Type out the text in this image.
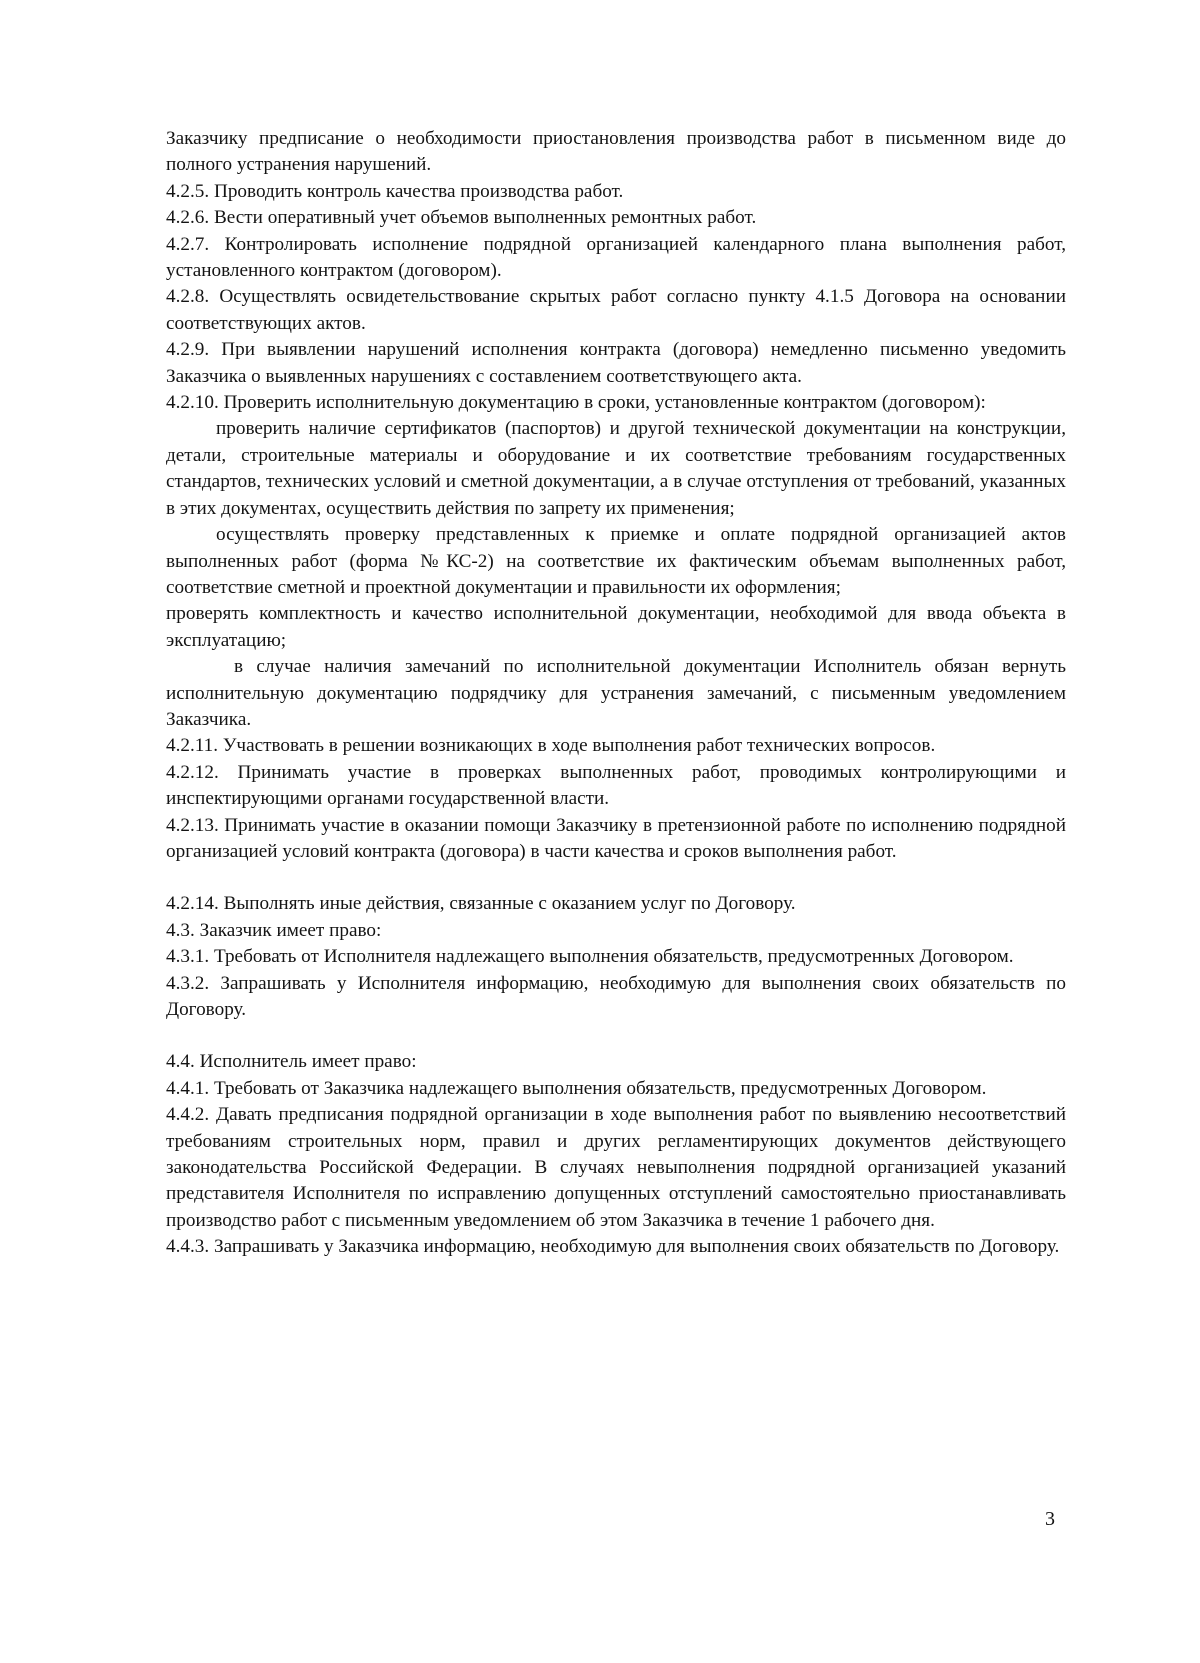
Заказчику предписание о необходимости приостановления производства работ в письменном виде до полного устранения нарушений.

4.2.5. Проводить контроль качества производства работ.

4.2.6. Вести оперативный учет объемов выполненных ремонтных работ.

4.2.7. Контролировать исполнение подрядной организацией календарного плана выполнения работ, установленного контрактом (договором).

4.2.8. Осуществлять освидетельствование скрытых работ согласно пункту 4.1.5 Договора на основании соответствующих актов.

4.2.9. При выявлении нарушений исполнения контракта (договора) немедленно письменно уведомить Заказчика о выявленных нарушениях с составлением соответствующего акта.

4.2.10. Проверить исполнительную документацию в сроки, установленные контрактом (договором):

проверить наличие сертификатов (паспортов) и другой технической документации на конструкции, детали, строительные материалы и оборудование и их соответствие требованиям государственных стандартов, технических условий и сметной документации, а в случае отступления от требований, указанных в этих документах, осуществить действия по запрету их применения;

осуществлять проверку представленных к приемке и оплате подрядной организацией актов выполненных работ (форма №КС-2) на соответствие их фактическим объемам выполненных работ, соответствие сметной и проектной документации и правильности их оформления;

проверять комплектность и качество исполнительной документации, необходимой для ввода объекта в эксплуатацию;

в случае наличия замечаний по исполнительной документации Исполнитель обязан вернуть исполнительную документацию подрядчику для устранения замечаний, с письменным уведомлением Заказчика.

4.2.11. Участвовать в решении возникающих в ходе выполнения работ технических вопросов.

4.2.12. Принимать участие в проверках выполненных работ, проводимых контролирующими и инспектирующими органами государственной власти.

4.2.13. Принимать участие в оказании помощи Заказчику в претензионной работе по исполнению подрядной организацией условий контракта (договора) в части качества и сроков выполнения работ.

4.2.14. Выполнять иные действия, связанные с оказанием услуг по Договору.

4.3. Заказчик имеет право:

4.3.1. Требовать от Исполнителя надлежащего выполнения обязательств, предусмотренных Договором.

4.3.2. Запрашивать у Исполнителя информацию, необходимую для выполнения своих обязательств по Договору.

4.4. Исполнитель имеет право:

4.4.1. Требовать от Заказчика надлежащего выполнения обязательств, предусмотренных Договором.

4.4.2. Давать предписания подрядной организации в ходе выполнения работ по выявлению несоответствий требованиям строительных норм, правил и других регламентирующих документов действующего законодательства Российской Федерации. В случаях невыполнения подрядной организацией указаний представителя Исполнителя по исправлению допущенных отступлений самостоятельно приостанавливать производство работ с письменным уведомлением об этом Заказчика в течение 1 рабочего дня.

4.4.3. Запрашивать у Заказчика информацию, необходимую для выполнения своих обязательств по Договору.

3
